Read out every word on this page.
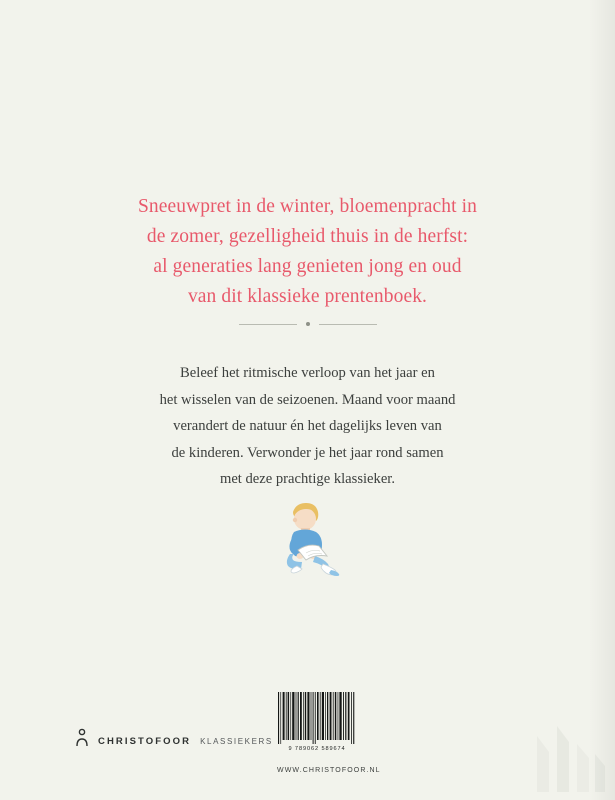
Sneeuwpret in de winter, bloemenpracht in
de zomer, gezelligheid thuis in de herfst:
al generaties lang genieten jong en oud
van dit klassieke prentenboek.
Beleef het ritmische verloop van het jaar en
het wisselen van de seizoenen. Maand voor maand
verandert de natuur én het dagelijks leven van
de kinderen. Verwonder je het jaar rond samen
met deze prachtige klassieker.
CHRISTOFOOR KLASSIEKERS
9 789062 589674
WWW.CHRISTOFOOR.NL
